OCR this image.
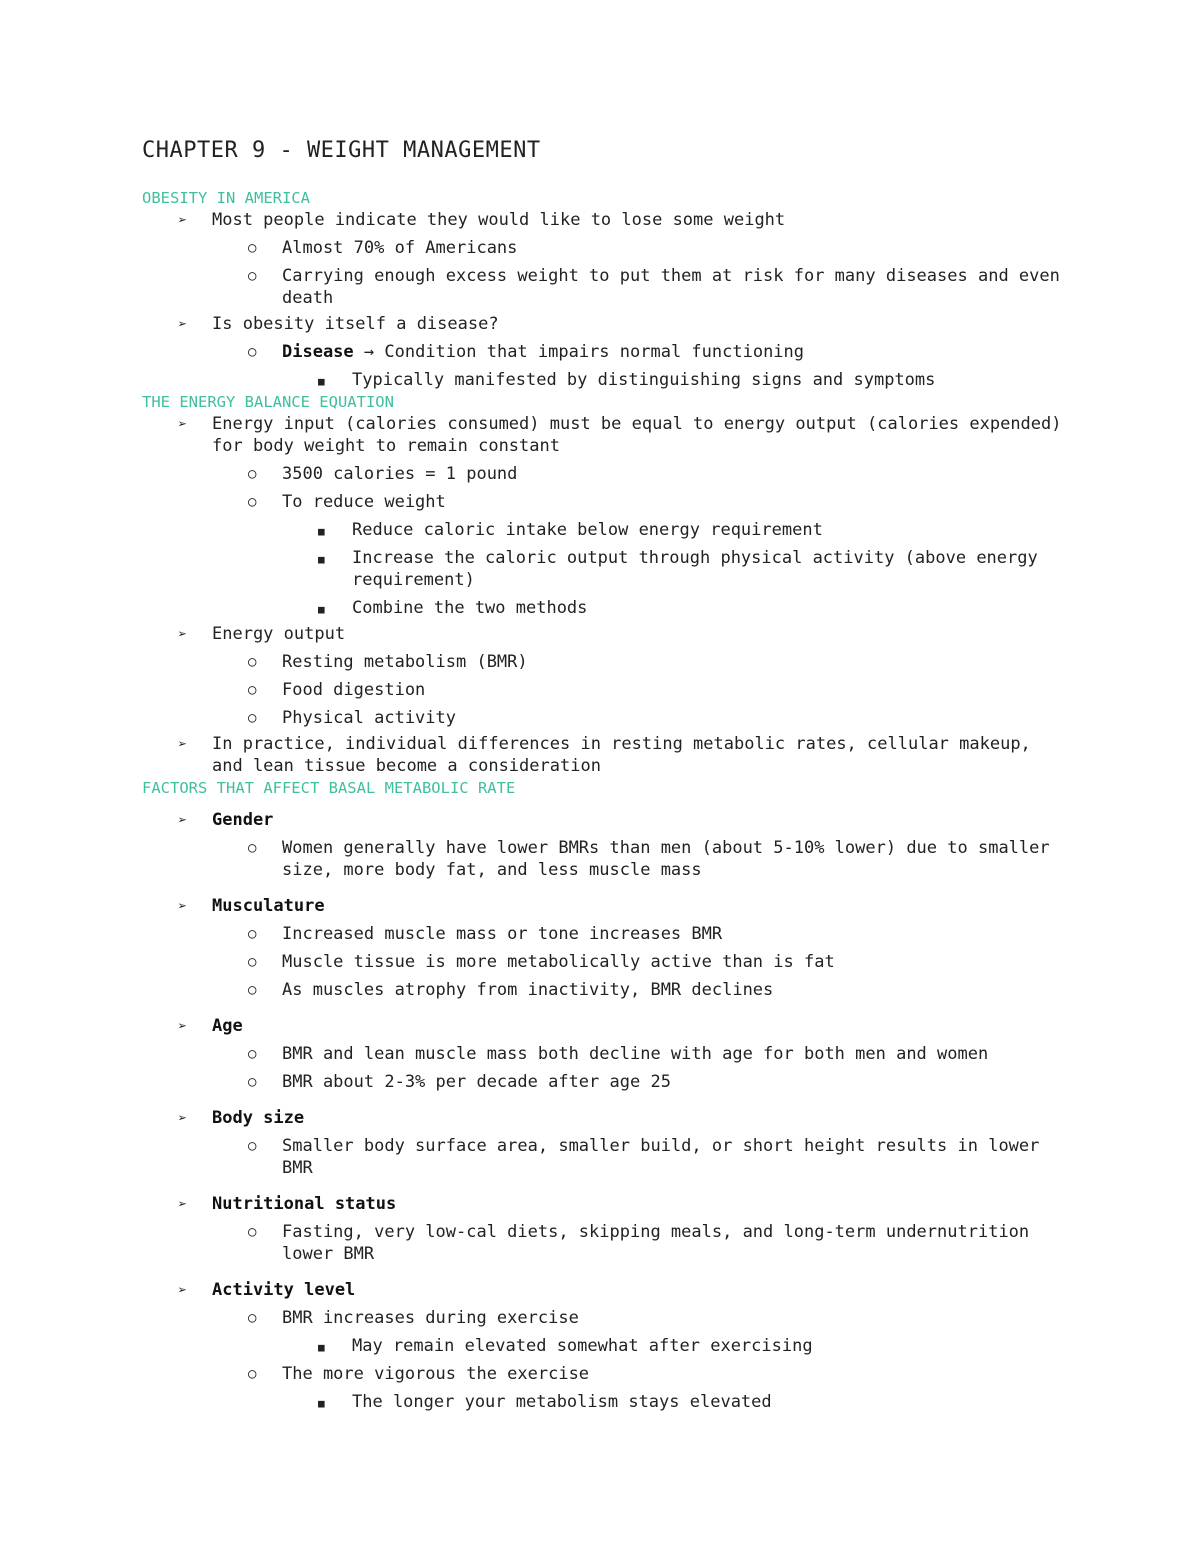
CHAPTER 9 - WEIGHT MANAGEMENT
OBESITY IN AMERICA
➢ Most people indicate they would like to lose some weight
○ Almost 70% of Americans
○ Carrying enough excess weight to put them at risk for many diseases and even death
➢ Is obesity itself a disease?
○ Disease → Condition that impairs normal functioning
■ Typically manifested by distinguishing signs and symptoms
THE ENERGY BALANCE EQUATION
➢ Energy input (calories consumed) must be equal to energy output (calories expended) for body weight to remain constant
○ 3500 calories = 1 pound
○ To reduce weight
■ Reduce caloric intake below energy requirement
■ Increase the caloric output through physical activity (above energy requirement)
■ Combine the two methods
➢ Energy output
○ Resting metabolism (BMR)
○ Food digestion
○ Physical activity
➢ In practice, individual differences in resting metabolic rates, cellular makeup, and lean tissue become a consideration
FACTORS THAT AFFECT BASAL METABOLIC RATE
➢ Gender
○ Women generally have lower BMRs than men (about 5-10% lower) due to smaller size, more body fat, and less muscle mass
➢ Musculature
○ Increased muscle mass or tone increases BMR
○ Muscle tissue is more metabolically active than is fat
○ As muscles atrophy from inactivity, BMR declines
➢ Age
○ BMR and lean muscle mass both decline with age for both men and women
○ BMR about 2-3% per decade after age 25
➢ Body size
○ Smaller body surface area, smaller build, or short height results in lower BMR
➢ Nutritional status
○ Fasting, very low-cal diets, skipping meals, and long-term undernutrition lower BMR
➢ Activity level
○ BMR increases during exercise
■ May remain elevated somewhat after exercising
○ The more vigorous the exercise
■ The longer your metabolism stays elevated
